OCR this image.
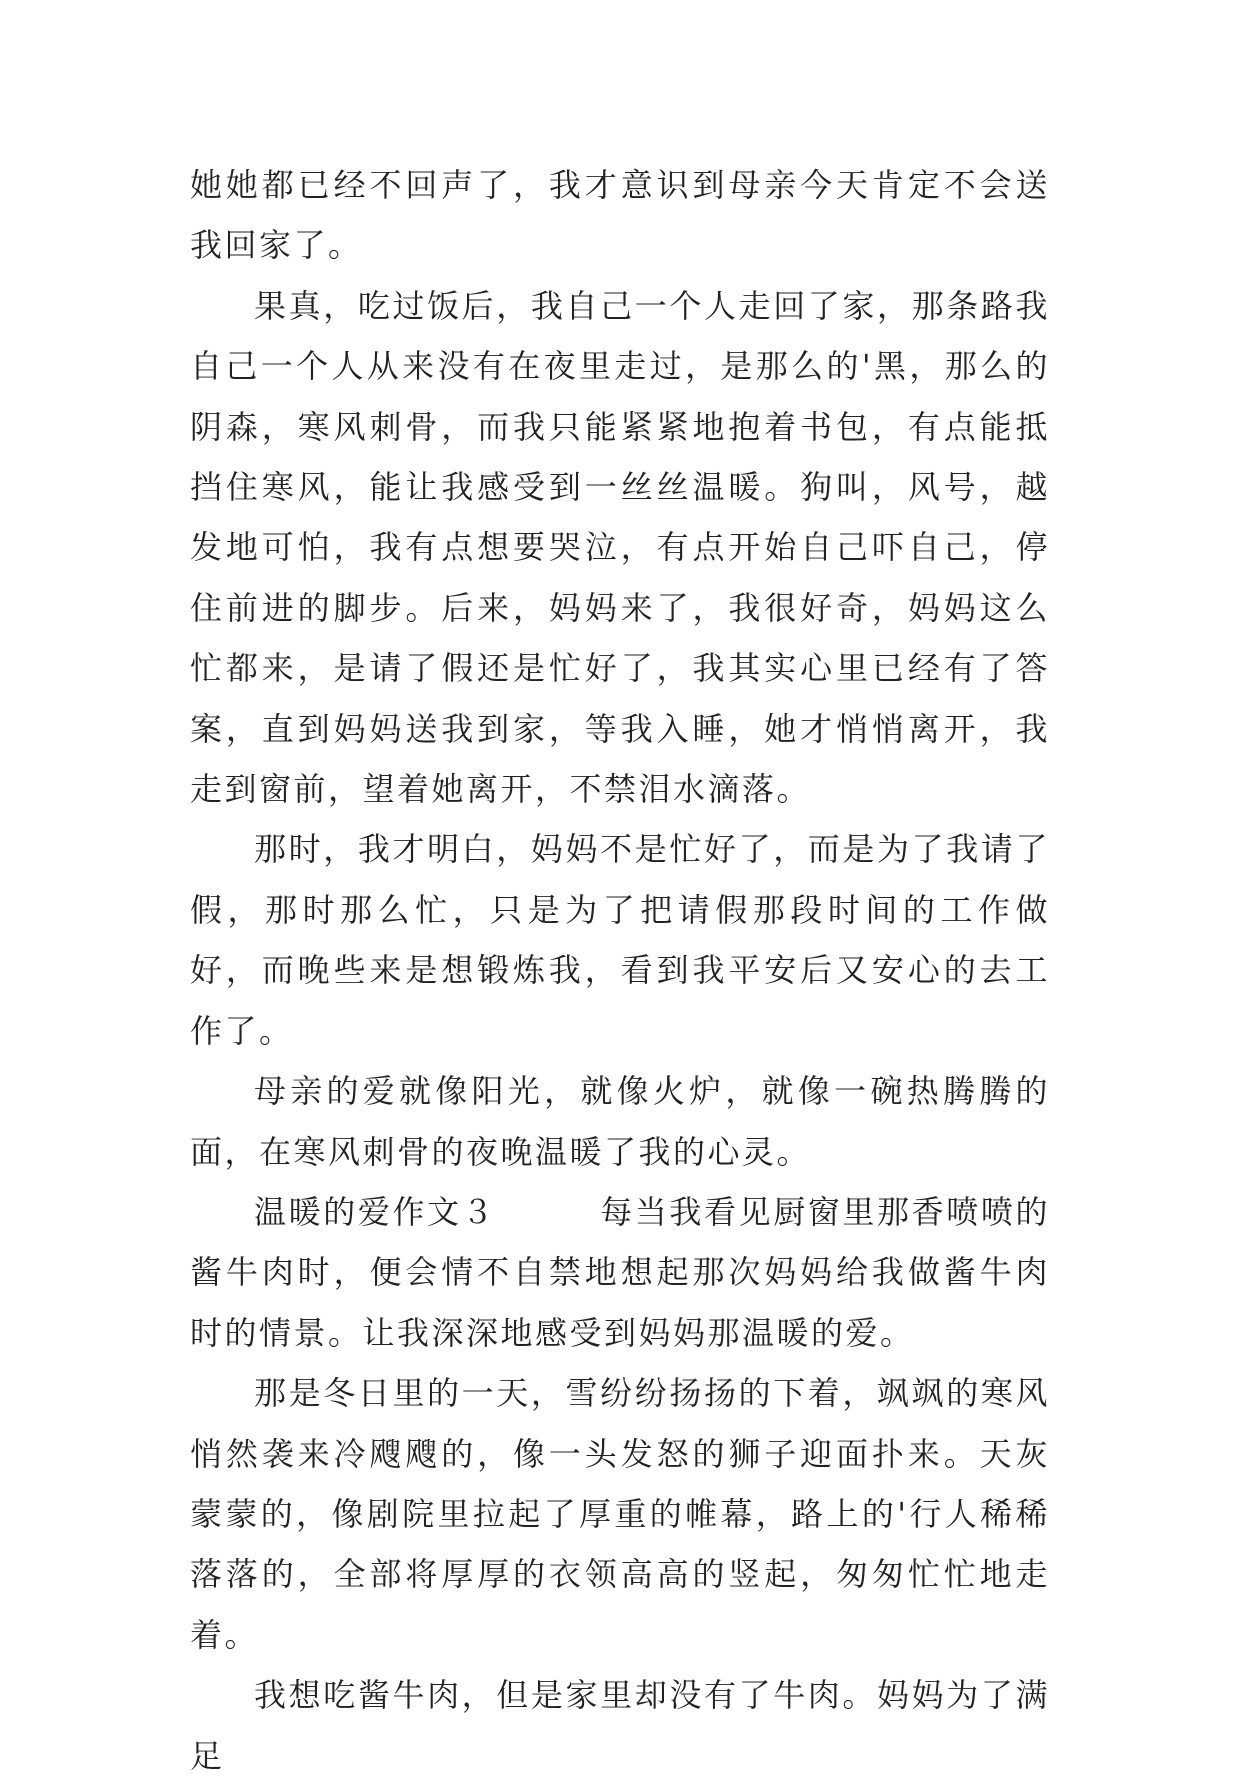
她她都已经不回声了，我才意识到母亲今天肯定不会送我回家了。

果真，吃过饭后，我自己一个人走回了家，那条路我自己一个人从来没有在夜里走过，是那么的'黑，那么的阴森，寒风刺骨，而我只能紧紧地抱着书包，有点能抵挡住寒风，能让我感受到一丝丝温暖。狗叫，风号，越发地可怕，我有点想要哭泣，有点开始自己吓自己，停住前进的脚步。后来，妈妈来了，我很好奇，妈妈这么忙都来，是请了假还是忙好了，我其实心里已经有了答案，直到妈妈送我到家，等我入睡，她才悄悄离开，我走到窗前，望着她离开，不禁泪水滴落。

那时，我才明白，妈妈不是忙好了，而是为了我请了假，那时那么忙，只是为了把请假那段时间的工作做好，而晚些来是想锻炼我，看到我平安后又安心的去工作了。

母亲的爱就像阳光，就像火炉，就像一碗热腾腾的面，在寒风刺骨的夜晚温暖了我的心灵。

温暖的爱作文３　　　每当我看见厨窗里那香喷喷的酱牛肉时，便会情不自禁地想起那次妈妈给我做酱牛肉时的情景。让我深深地感受到妈妈那温暖的爱。

那是冬日里的一天，雪纷纷扬扬的下着，飒飒的寒风悄然袭来冷飕飕的，像一头发怒的狮子迎面扑来。天灰蒙蒙的，像剧院里拉起了厚重的帷幕，路上的'行人稀稀落落的，全部将厚厚的衣领高高的竖起，匆匆忙忙地走着。

我想吃酱牛肉，但是家里却没有了牛肉。妈妈为了满足
